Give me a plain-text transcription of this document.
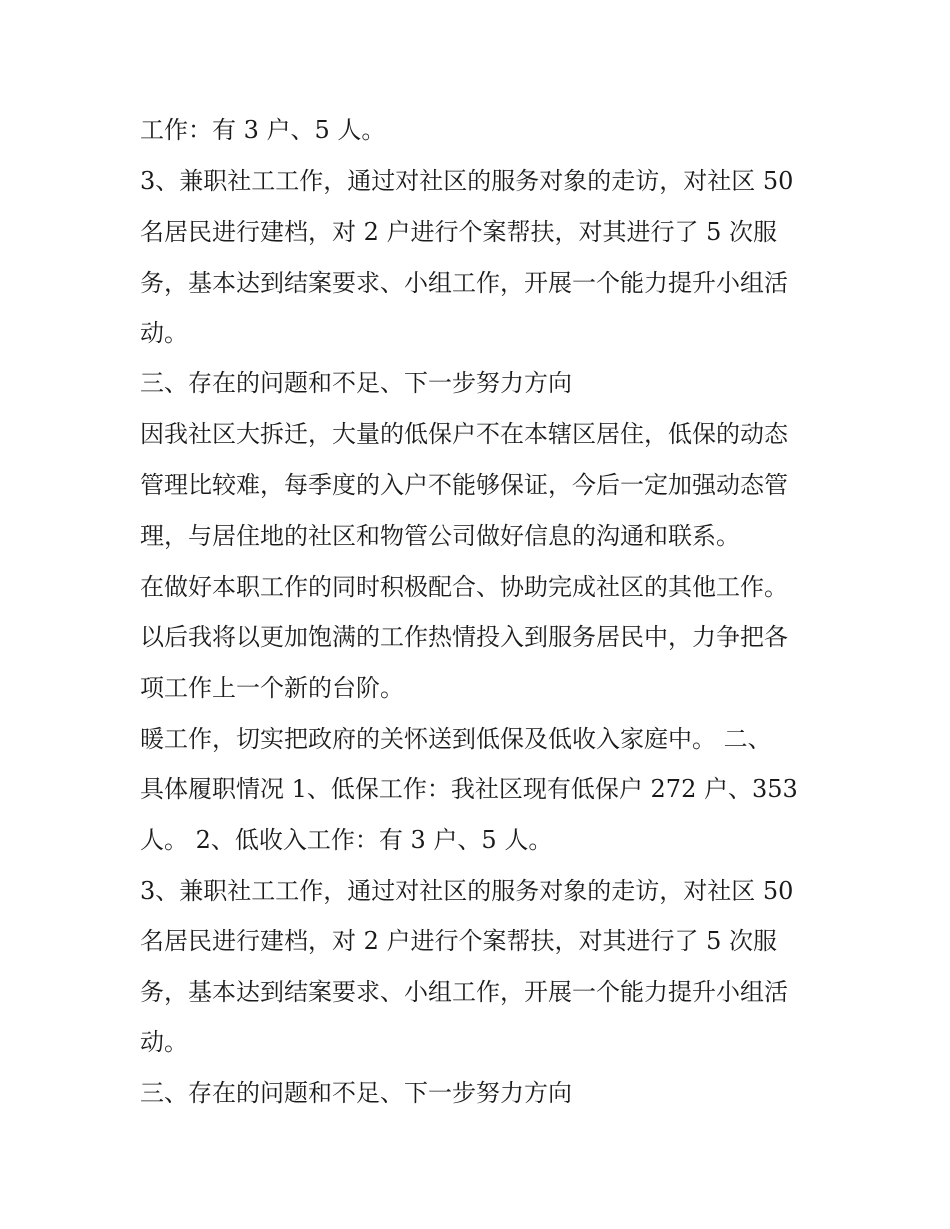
工作：有 3 户、5 人。

3、兼职社工工作，通过对社区的服务对象的走访，对社区 50

名居民进行建档，对 2 户进行个案帮扶，对其进行了 5 次服

务，基本达到结案要求、小组工作，开展一个能力提升小组活

动。

三、存在的问题和不足、下一步努力方向

因我社区大拆迁，大量的低保户不在本辖区居住，低保的动态

管理比较难，每季度的入户不能够保证，今后一定加强动态管

理，与居住地的社区和物管公司做好信息的沟通和联系。

在做好本职工作的同时积极配合、协助完成社区的其他工作。

以后我将以更加饱满的工作热情投入到服务居民中，力争把各

项工作上一个新的台阶。

暖工作，切实把政府的关怀送到低保及低收入家庭中。 二、

具体履职情况 1、低保工作：我社区现有低保户 272 户、353

人。 2、低收入工作：有 3 户、5 人。

3、兼职社工工作，通过对社区的服务对象的走访，对社区 50

名居民进行建档，对 2 户进行个案帮扶，对其进行了 5 次服

务，基本达到结案要求、小组工作，开展一个能力提升小组活

动。

三、存在的问题和不足、下一步努力方向
